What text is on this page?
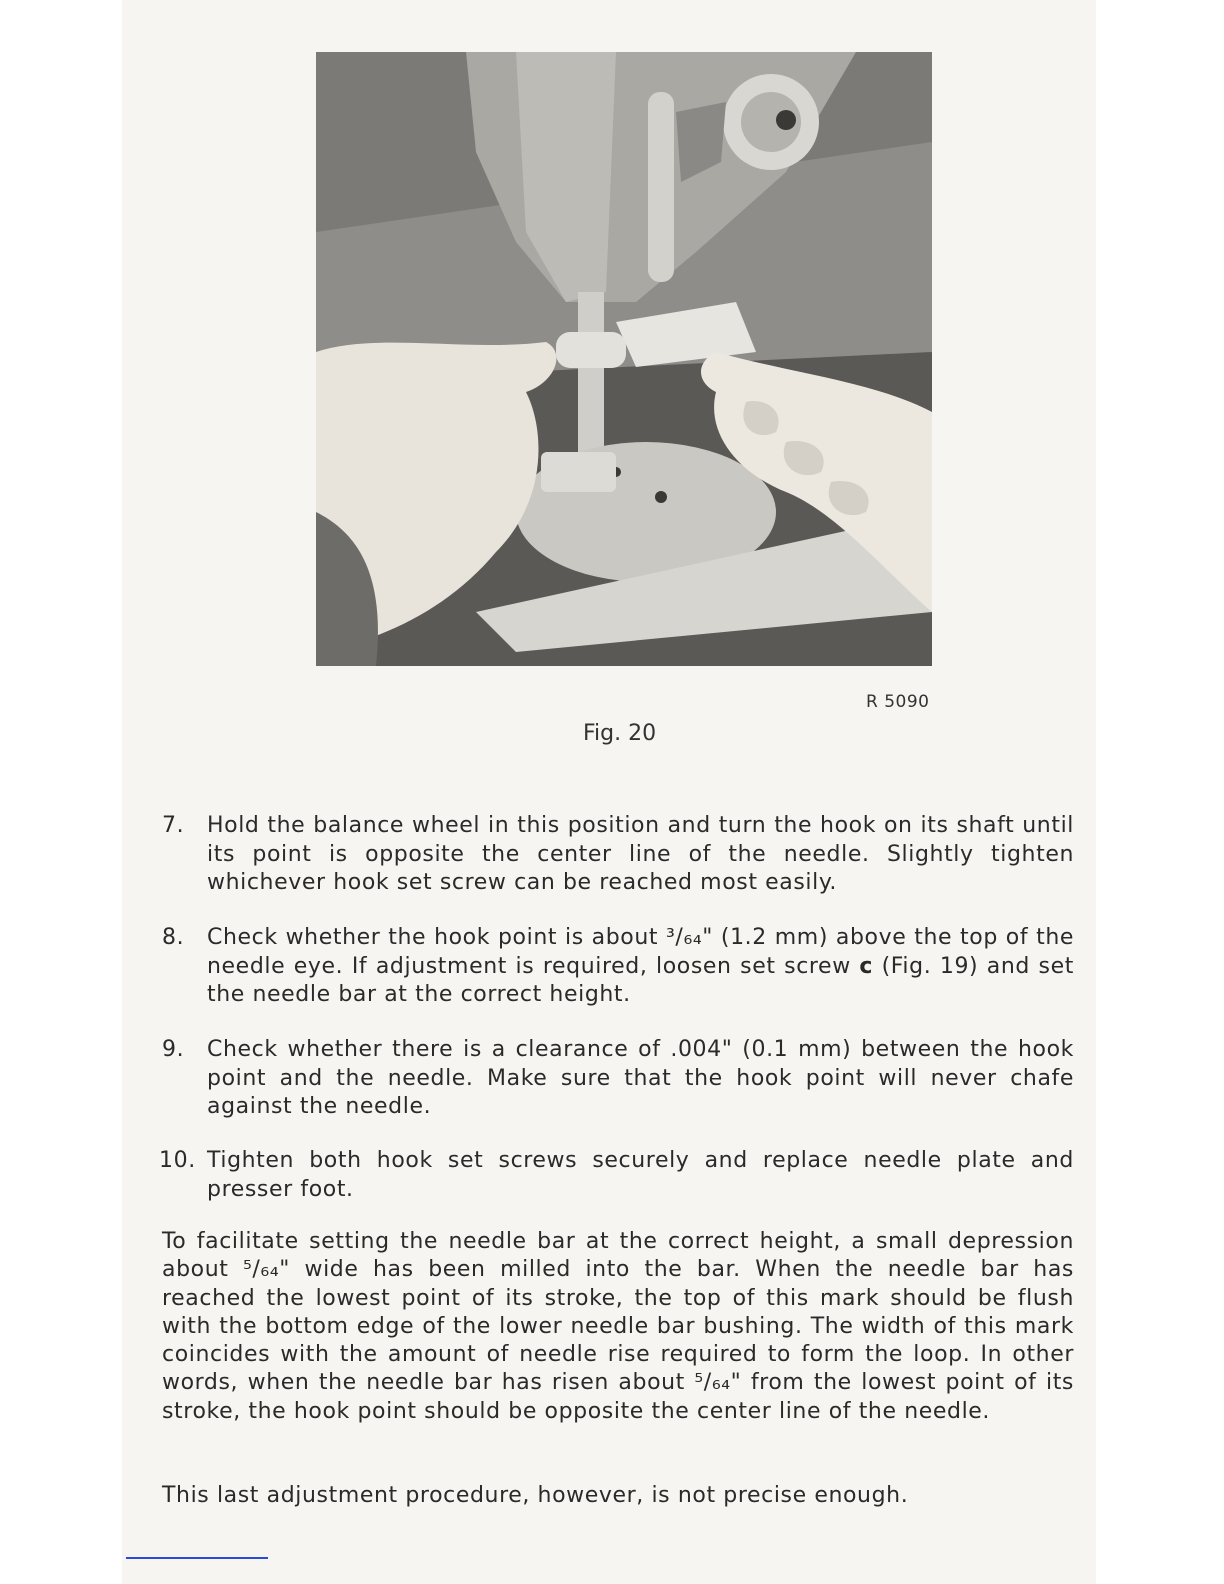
R 5090
Fig. 20
7.	Hold the balance wheel in this position and turn the hook on its shaft until its point is opposite the center line of the needle. Slightly tighten whichever hook set screw can be reached most easily.
8.	Check whether the hook point is about ³/₆₄" (1.2 mm) above the top of the needle eye. If adjustment is required, loosen set screw c (Fig. 19) and set the needle bar at the correct height.
9.	Check whether there is a clearance of .004" (0.1 mm) between the hook point and the needle. Make sure that the hook point will never chafe against the needle.
10. Tighten both hook set screws securely and replace needle plate and presser foot.
To facilitate setting the needle bar at the correct height, a small depression about ⁵/₆₄" wide has been milled into the bar. When the needle bar has reached the lowest point of its stroke, the top of this mark should be flush with the bottom edge of the lower needle bar bushing. The width of this mark coincides with the amount of needle rise required to form the loop. In other words, when the needle bar has risen about ⁵/₆₄" from the lowest point of its stroke, the hook point should be opposite the center line of the needle.
This last adjustment procedure, however, is not precise enough.
